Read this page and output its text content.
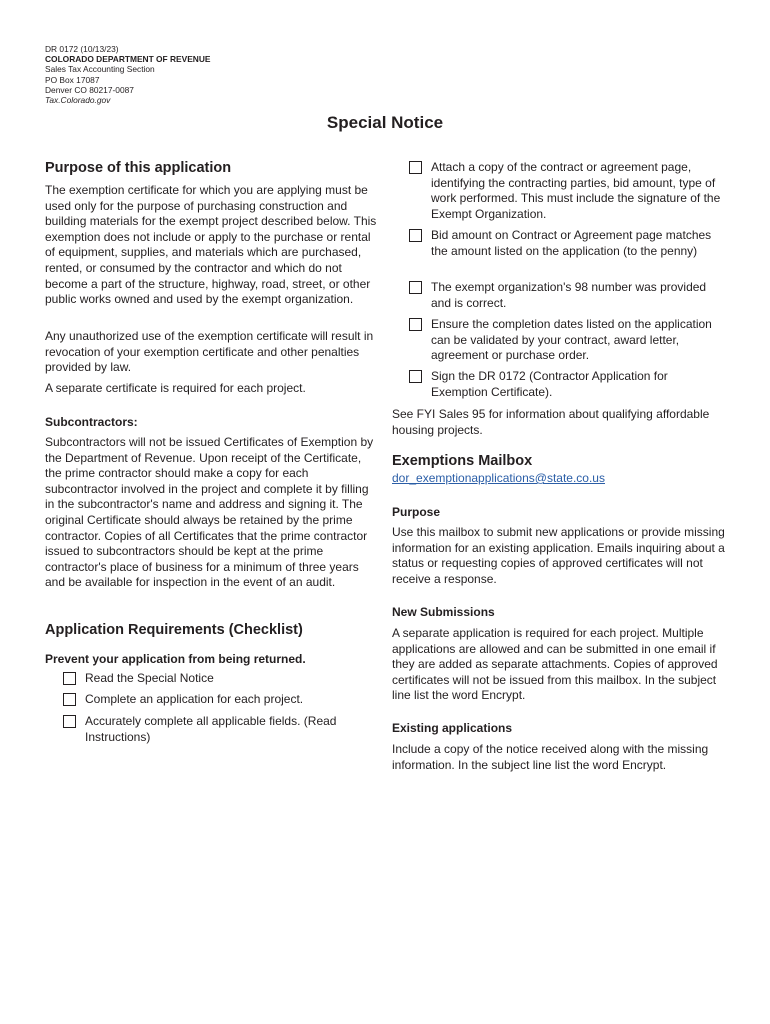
DR 0172 (10/13/23)
COLORADO DEPARTMENT OF REVENUE
Sales Tax Accounting Section
PO Box 17087
Denver CO 80217-0087
Tax.Colorado.gov
Special Notice
Purpose of this application

The exemption certificate for which you are applying must be used only for the purpose of purchasing construction and building materials for the exempt project described below. This exemption does not include or apply to the purchase or rental of equipment, supplies, and materials which are purchased, rented, or consumed by the contractor and which do not become a part of the structure, highway, road, street, or other public works owned and used by the exempt organization.

Any unauthorized use of the exemption certificate will result in revocation of your exemption certificate and other penalties provided by law.

A separate certificate is required for each project.

Subcontractors:

Subcontractors will not be issued Certificates of Exemption by the Department of Revenue. Upon receipt of the Certificate, the prime contractor should make a copy for each subcontractor involved in the project and complete it by filling in the subcontractor's name and address and signing it. The original Certificate should always be retained by the prime contractor. Copies of all Certificates that the prime contractor issued to subcontractors should be kept at the prime contractor's place of business for a minimum of three years and be available for inspection in the event of an audit.

Application Requirements (Checklist)
Prevent your application from being returned.

Read the Special Notice

Complete an application for each project.

Accurately complete all applicable fields. (Read Instructions)

Attach a copy of the contract or agreement page, identifying the contracting parties, bid amount, type of work performed. This must include the signature of the Exempt Organization.

Bid amount on Contract or Agreement page matches the amount listed on the application (to the penny)

The exempt organization's 98 number was provided and is correct.

Ensure the completion dates listed on the application can be validated by your contract, award letter, agreement or purchase order.

Sign the DR 0172 (Contractor Application for Exemption Certificate).

See FYI Sales 95 for information about qualifying affordable housing projects.

Exemptions Mailbox
dor_exemptionapplications@state.co.us
Purpose

Use this mailbox to submit new applications or provide missing information for an existing application. Emails inquiring about a status or requesting copies of approved certificates will not receive a response.

New Submissions

A separate application is required for each project. Multiple applications are allowed and can be submitted in one email if they are added as separate attachments. Copies of approved certificates will not be issued from this mailbox. In the subject line list the word Encrypt.

Existing applications

Include a copy of the notice received along with the missing information. In the subject line list the word Encrypt.
